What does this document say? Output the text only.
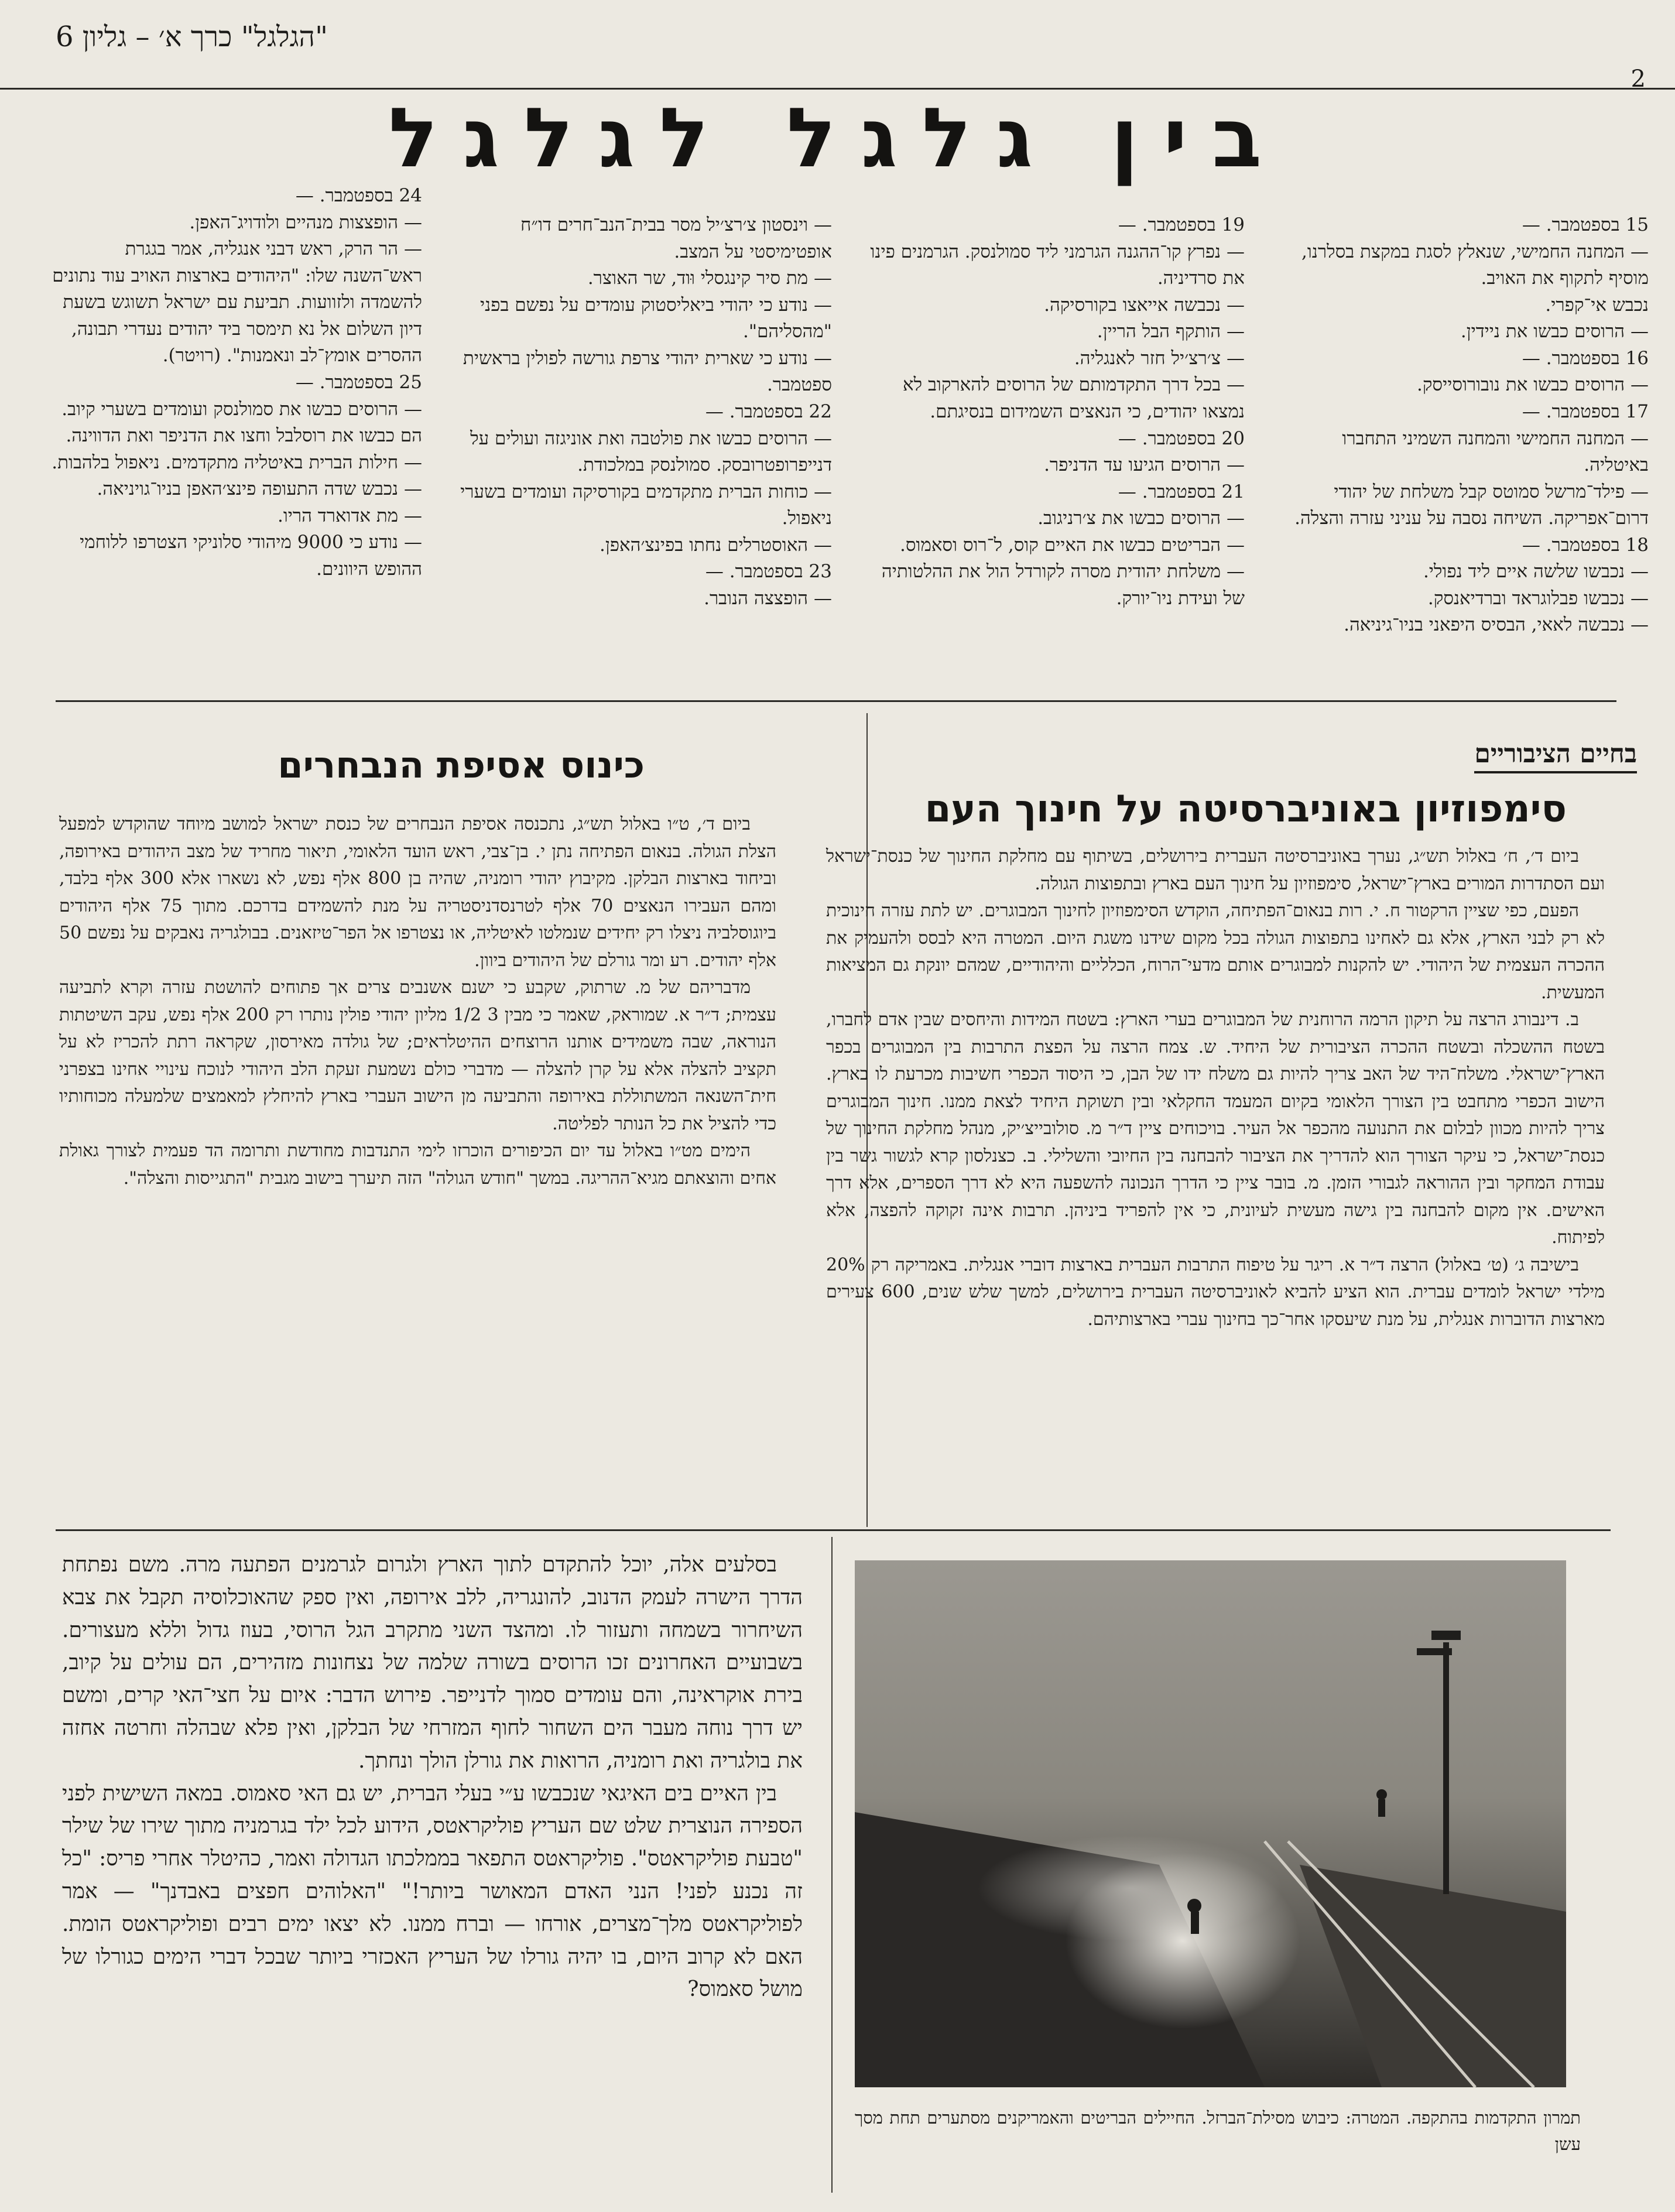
"הגלגל" כרך א׳ – גליון 6
2
בין גלגל לגלגל

15 בספטמבר. —

— המחנה החמישי, שנאלץ לסגת במקצת בסלרנו, מוסיף לתקוף את האויב.

נכבש אי־קפרי.

— הרוסים כבשו את ניידין.

16 בספטמבר. —

— הרוסים כבשו את נובורוסייסק.

17 בספטמבר. —

— המחנה החמישי והמחנה השמיני התחברו באיטליה.

— פילד־מרשל סמוטס קבל משלחת של יהודי דרום־אפריקה. השיחה נסבה על עניני עזרה והצלה.

18 בספטמבר. —

— נכבשו שלשה איים ליד נפולי.

— נכבשו פבלוגראד וברדיאנסק.

— נכבשה לאאי, הבסיס היפאני בניו־גיניאה.

19 בספטמבר. —

— נפרץ קו־ההגנה הגרמני ליד סמולנסק. הגרמנים פינו את סרדיניה.

— נכבשה אייאצו בקורסיקה.

— הותקף הבל הריין.

— צ׳רצ׳יל חזר לאנגליה.

— בכל דרך התקדמותם של הרוסים להארקוב לא נמצאו יהודים, כי הנאצים השמידום בנסיגתם.

20 בספטמבר. —

— הרוסים הגיעו עד הדניפר.

21 בספטמבר. —

— הרוסים כבשו את צ׳רניגוב.

— הבריטים כבשו את האיים קוס, ל־רוס וסאמוס.

— משלחת יהודית מסרה לקורדל הול את ההלטותיה של ועידת ניו־יורק.

— וינסטון צ׳רצ׳יל מסר בבית־הנב־חרים דו״ח אופטימיסטי על המצב.

— מת סיר קינגסלי וּוד, שר האוצר.

— נודע כי יהודי ביאליסטוק עומדים על נפשם בפני "מהסליהם".

— נודע כי שארית יהודי צרפת גורשה לפולין בראשית ספטמבר.

22 בספטמבר. —

— הרוסים כבשו את פולטבה ואת אוניגזה ועולים על דנייפרופטרובסק. סמולנסק במלכודת.

— כוחות הברית מתקדמים בקורסיקה ועומדים בשערי ניאפול.

— האוסטרלים נחתו בפינצ׳האפן.

23 בספטמבר. —

— הופצצה הנובר.

24 בספטמבר. —

— הופצצות מנהיים ולודויג־האפן.

— הר הרק, ראש דבני אנגליה, אמר בגגרת ראש־השנה שלו: "היהודים בארצות האויב עוד נתונים להשמדה ולזוועות. תביעת עם ישראל תשוגש בשעת דיון השלום אל נא תימסר ביד יהודים נעדרי תבונה, ההסרים אומץ־לב ונאמנות". (רויטר).

25 בספטמבר. —

— הרוסים כבשו את סמולנסק ועומדים בשערי קיוב. הם כבשו את רוסלבל וחצו את הדניפר ואת הדווינה.

— חילות הברית באיטליה מתקדמים. ניאפול בלהבות.

— נכבש שדה התעופה פינצ׳האפן בניו־גויניאה.

— מת אדוארד הריו.

— נודע כי 9000 מיהודי סלוניקי הצטרפו ללוחמי ההופש היוונים.

בחיים הציבוריים
סימפוזיון באוניברסיטה על חינוך העם

ביום ד׳, ח׳ באלול תש״ג, נערך באוניברסיטה העברית בירושלים, בשיתוף עם מחלקת החינוך של כנסת־ישראל ועם הסתדרות המורים בארץ־ישראל, סימפוזיון על חינוך העם בארץ ובתפוצות הגולה.

הפעם, כפי שציין הרקטור ח. י. רות בנאום־הפתיחה, הוקדש הסימפוזיון לחינוך המבוגרים. יש לתת עזרה חינוכית לא רק לבני הארץ, אלא גם לאחינו בתפוצות הגולה בכל מקום שידנו משגת היום. המטרה היא לבסס ולהעמיק את ההכרה העצמית של היהודי. יש להקנות למבוגרים אותם מדעי־הרוח, הכלליים והיהודיים, שמהם יונקת גם המציאות המעשית.

ב. דינבורג הרצה על תיקון הרמה הרוחנית של המבוגרים בערי הארץ: בשטח המידות והיחסים שבין אדם לחברו, בשטח ההשכלה ובשטח ההכרה הציבורית של היחיד. ש. צמח הרצה על הפצת התרבות בין המבוגרים בכפר הארץ־ישראלי. משלח־היד של האב צריך להיות גם משלח ידו של הבן, כי היסוד הכפרי חשיבות מכרעת לו בארץ. הישוב הכפרי מתחבט בין הצורך הלאומי בקיום המעמד החקלאי ובין תשוקת היחיד לצאת ממנו. חינוך המבוגרים צריך להיות מכוון לבלום את התנועה מהכפר אל העיר. בויכוחים ציין ד״ר מ. סולובייצ׳יק, מנהל מחלקת החינוך של כנסת־ישראל, כי עיקר הצורך הוא להדריך את הציבור להבחנה בין החיובי והשלילי. ב. כצנלסון קרא לגשור גשר בין עבודת המחקר ובין ההוראה לגבורי הזמן. מ. בובר ציין כי הדרך הנכונה להשפעה היא לא דרך הספרים, אלא דרך האישים. אין מקום להבחנה בין גישה מעשית לעיונית, כי אין להפריד ביניהן. תרבות אינה זקוקה להפצה, אלא לפיתוח.

בישיבה ג׳ (ט׳ באלול) הרצה ד״ר א. ריגר על טיפוח התרבות העברית בארצות דוברי אנגלית. באמריקה רק 20% מילדי ישראל לומדים עברית. הוא הציע להביא לאוניברסיטה העברית בירושלים, למשך שלש שנים, 600 צעירים מארצות הדוברות אנגלית, על מנת שיעסקו אחר־כך בחינוך עברי בארצותיהם.

כינוס אסיפת הנבחרים

ביום ד׳, ט״ו באלול תש״ג, נתכנסה אסיפת הנבחרים של כנסת ישראל למושב מיוחד שהוקדש למפעל הצלת הגולה. בנאום הפתיחה נתן י. בן־צבי, ראש הועד הלאומי, תיאור מחריד של מצב היהודים באירופה, וביחוד בארצות הבלקן. מקיבוץ יהודי רומניה, שהיה בן 800 אלף נפש, לא נשארו אלא 300 אלף בלבד, ומהם העבירו הנאצים 70 אלף לטרנסדניסטריה על מנת להשמידם בדרכם. מתוך 75 אלף היהודים ביוגוסלביה ניצלו רק יחידים שנמלטו לאיטליה, או נצטרפו אל הפר־טיזאנים. בבולגריה נאבקים על נפשם 50 אלף יהודים. רע ומר גורלם של היהודים ביוון.

מדבריהם של מ. שרתוק, שקבע כי ישנם אשנבים צרים אך פתוחים להושטת עזרה וקרא לתביעה עצמית; ד״ר א. שמוראק, שאמר כי מבין 3 1/2 מליון יהודי פולין נותרו רק 200 אלף נפש, עקב השיטתות הנוראה, שבה משמידים אותנו הרוצחים ההיטלראים; של גולדה מאירסון, שקראה רתת להכריז לא על תקציב להצלה אלא על קרן להצלה — מדברי כולם נשמעת זעקת הלב היהודי לנוכח עינויי אחינו בצפרני חית־השנאה המשתוללת באירופה והתביעה מן הישוב העברי בארץ להיחלץ למאמצים שלמעלה מכוחותיו כדי להציל את כל הנותר לפליטה.

הימים מט״ו באלול עד יום הכיפורים הוכרזו לימי התנדבות מחודשת ותרומה הד פעמית לצורך גאולת אחים והוצאתם מגיא־ההריגה. במשך "חודש הגולה" הזה תיערך בישוב מגבית "התגייסות והצלה".

בסלעים אלה, יוכל להתקדם לתוך הארץ ולגרום לגרמנים הפתעה מרה. משם נפתחת הדרך הישרה לעמק הדנוב, להונגריה, ללב אירופה, ואין ספק שהאוכלוסיה תקבל את צבא השיחרור בשמחה ותעזור לו. ומהצד השני מתקרב הגל הרוסי, בעוז גדול וללא מעצורים. בשבועיים האחרונים זכו הרוסים בשורה שלמה של נצחונות מזהירים, הם עולים על קיוב, בירת אוקראינה, והם עומדים סמוך לדנייפר. פירוש הדבר: איום על חצי־האי קרים, ומשם יש דרך נוחה מעבר הים השחור לחוף המזרחי של הבלקן, ואין פלא שבהלה וחרטה אחזה את בולגריה ואת רומניה, הרואות את גורלן הולך ונחתך.

בין האיים בים האיגאי שנכבשו ע״י בעלי הברית, יש גם האי סאמוס. במאה השישית לפני הספירה הנוצרית שלט שם העריץ פוליקראטס, הידוע לכל ילד בגרמניה מתוך שירו של שילר "טבעת פוליקראטס". פוליקראטס התפאר בממלכתו הגדולה ואמר, כהיטלר אחרי פריס: "כל זה נכנע לפני! הנני האדם המאושר ביותר!" "האלוהים חפצים באבדנך" — אמר לפוליקראטס מלך־מצרים, אורחו — וברח ממנו. לא יצאו ימים רבים ופוליקראטס הומת. האם לא קרוב היום, בו יהיה גורלו של העריץ האכזרי ביותר שבכל דברי הימים כגורלו של מושל סאמוס?

תמרון התקדמות בהתקפה. המטרה: כיבוש מסילת־הברזל. החיילים הבריטים והאמריקנים מסתערים תחת מסך עשן
